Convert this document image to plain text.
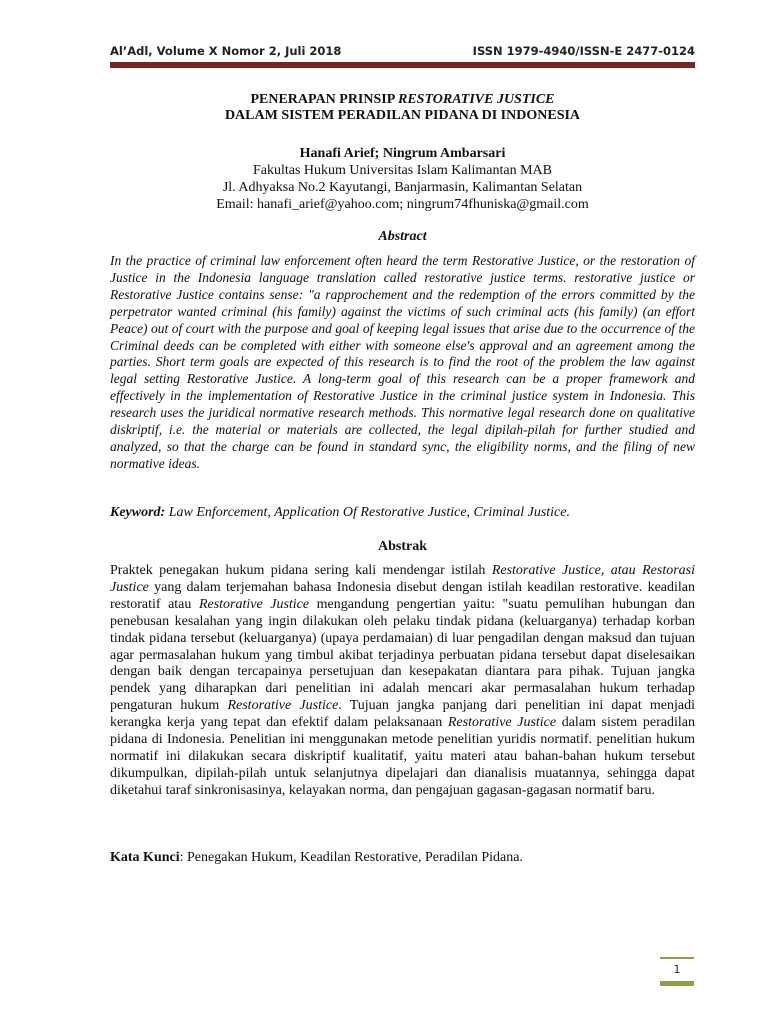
Al’Adl, Volume X Nomor 2, Juli 2018	ISSN 1979-4940/ISSN-E 2477-0124
PENERAPAN PRINSIP RESTORATIVE JUSTICE
DALAM SISTEM PERADILAN PIDANA DI INDONESIA
Hanafi Arief; Ningrum Ambarsari
Fakultas Hukum Universitas Islam Kalimantan MAB
Jl. Adhyaksa No.2 Kayutangi, Banjarmasin, Kalimantan Selatan
Email: hanafi_arief@yahoo.com; ningrum74fhuniska@gmail.com
Abstract
In the practice of criminal law enforcement often heard the term Restorative Justice, or the restoration of Justice in the Indonesia language translation called restorative justice terms. restorative justice or Restorative Justice contains sense: "a rapprochement and the redemption of the errors committed by the perpetrator wanted criminal (his family) against the victims of such criminal acts (his family) (an effort Peace) out of court with the purpose and goal of keeping legal issues that arise due to the occurrence of the Criminal deeds can be completed with either with someone else's approval and an agreement among the parties. Short term goals are expected of this research is to find the root of the problem the law against legal setting Restorative Justice. A long-term goal of this research can be a proper framework and effectively in the implementation of Restorative Justice in the criminal justice system in Indonesia. This research uses the juridical normative research methods. This normative legal research done on qualitative diskriptif, i.e. the material or materials are collected, the legal dipilah-pilah for further studied and analyzed, so that the charge can be found in standard sync, the eligibility norms, and the filing of new normative ideas.
Keyword: Law Enforcement, Application Of Restorative Justice, Criminal Justice.
Abstrak
Praktek penegakan hukum pidana sering kali mendengar istilah Restorative Justice, atau Restorasi Justice yang dalam terjemahan bahasa Indonesia disebut dengan istilah keadilan restorative. keadilan restoratif atau Restorative Justice mengandung pengertian yaitu: "suatu pemulihan hubungan dan penebusan kesalahan yang ingin dilakukan oleh pelaku tindak pidana (keluarganya) terhadap korban tindak pidana tersebut (keluarganya) (upaya perdamaian) di luar pengadilan dengan maksud dan tujuan agar permasalahan hukum yang timbul akibat terjadinya perbuatan pidana tersebut dapat diselesaikan dengan baik dengan tercapainya persetujuan dan kesepakatan diantara para pihak. Tujuan jangka pendek yang diharapkan dari penelitian ini adalah mencari akar permasalahan hukum terhadap pengaturan hukum Restorative Justice. Tujuan jangka panjang dari penelitian ini dapat menjadi kerangka kerja yang tepat dan efektif dalam pelaksanaan Restorative Justice dalam sistem peradilan pidana di Indonesia. Penelitian ini menggunakan metode penelitian yuridis normatif. penelitian hukum normatif ini dilakukan secara diskriptif kualitatif, yaitu materi atau bahan-bahan hukum tersebut dikumpulkan, dipilah-pilah untuk selanjutnya dipelajari dan dianalisis muatannya, sehingga dapat diketahui taraf sinkronisasinya, kelayakan norma, dan pengajuan gagasan-gagasan normatif baru.
Kata Kunci: Penegakan Hukum, Keadilan Restorative, Peradilan Pidana.
1
